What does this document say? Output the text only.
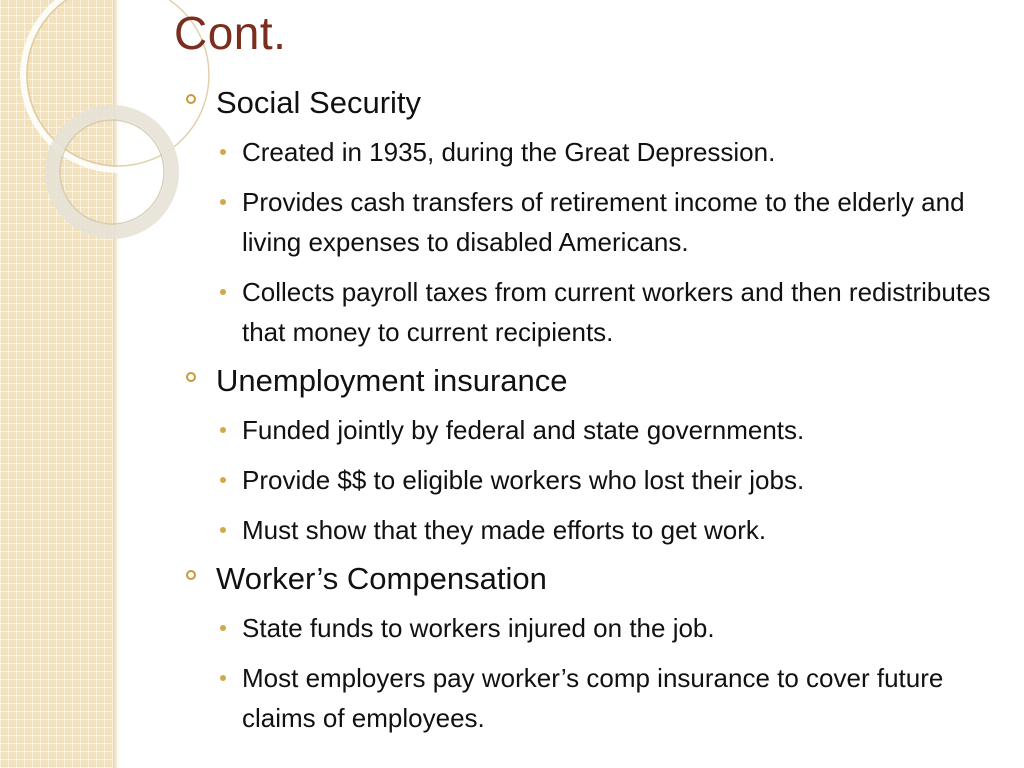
Cont.
Social Security
Created in 1935, during the Great Depression.
Provides cash transfers of retirement income to the elderly and living expenses to disabled Americans.
Collects payroll taxes from current workers and then redistributes that money to current recipients.
Unemployment insurance
Funded jointly by federal and state governments.
Provide $$ to eligible workers who lost their jobs.
Must show that they made efforts to get work.
Worker’s Compensation
State funds to workers injured on the job.
Most employers pay worker’s comp insurance to cover future claims of employees.
